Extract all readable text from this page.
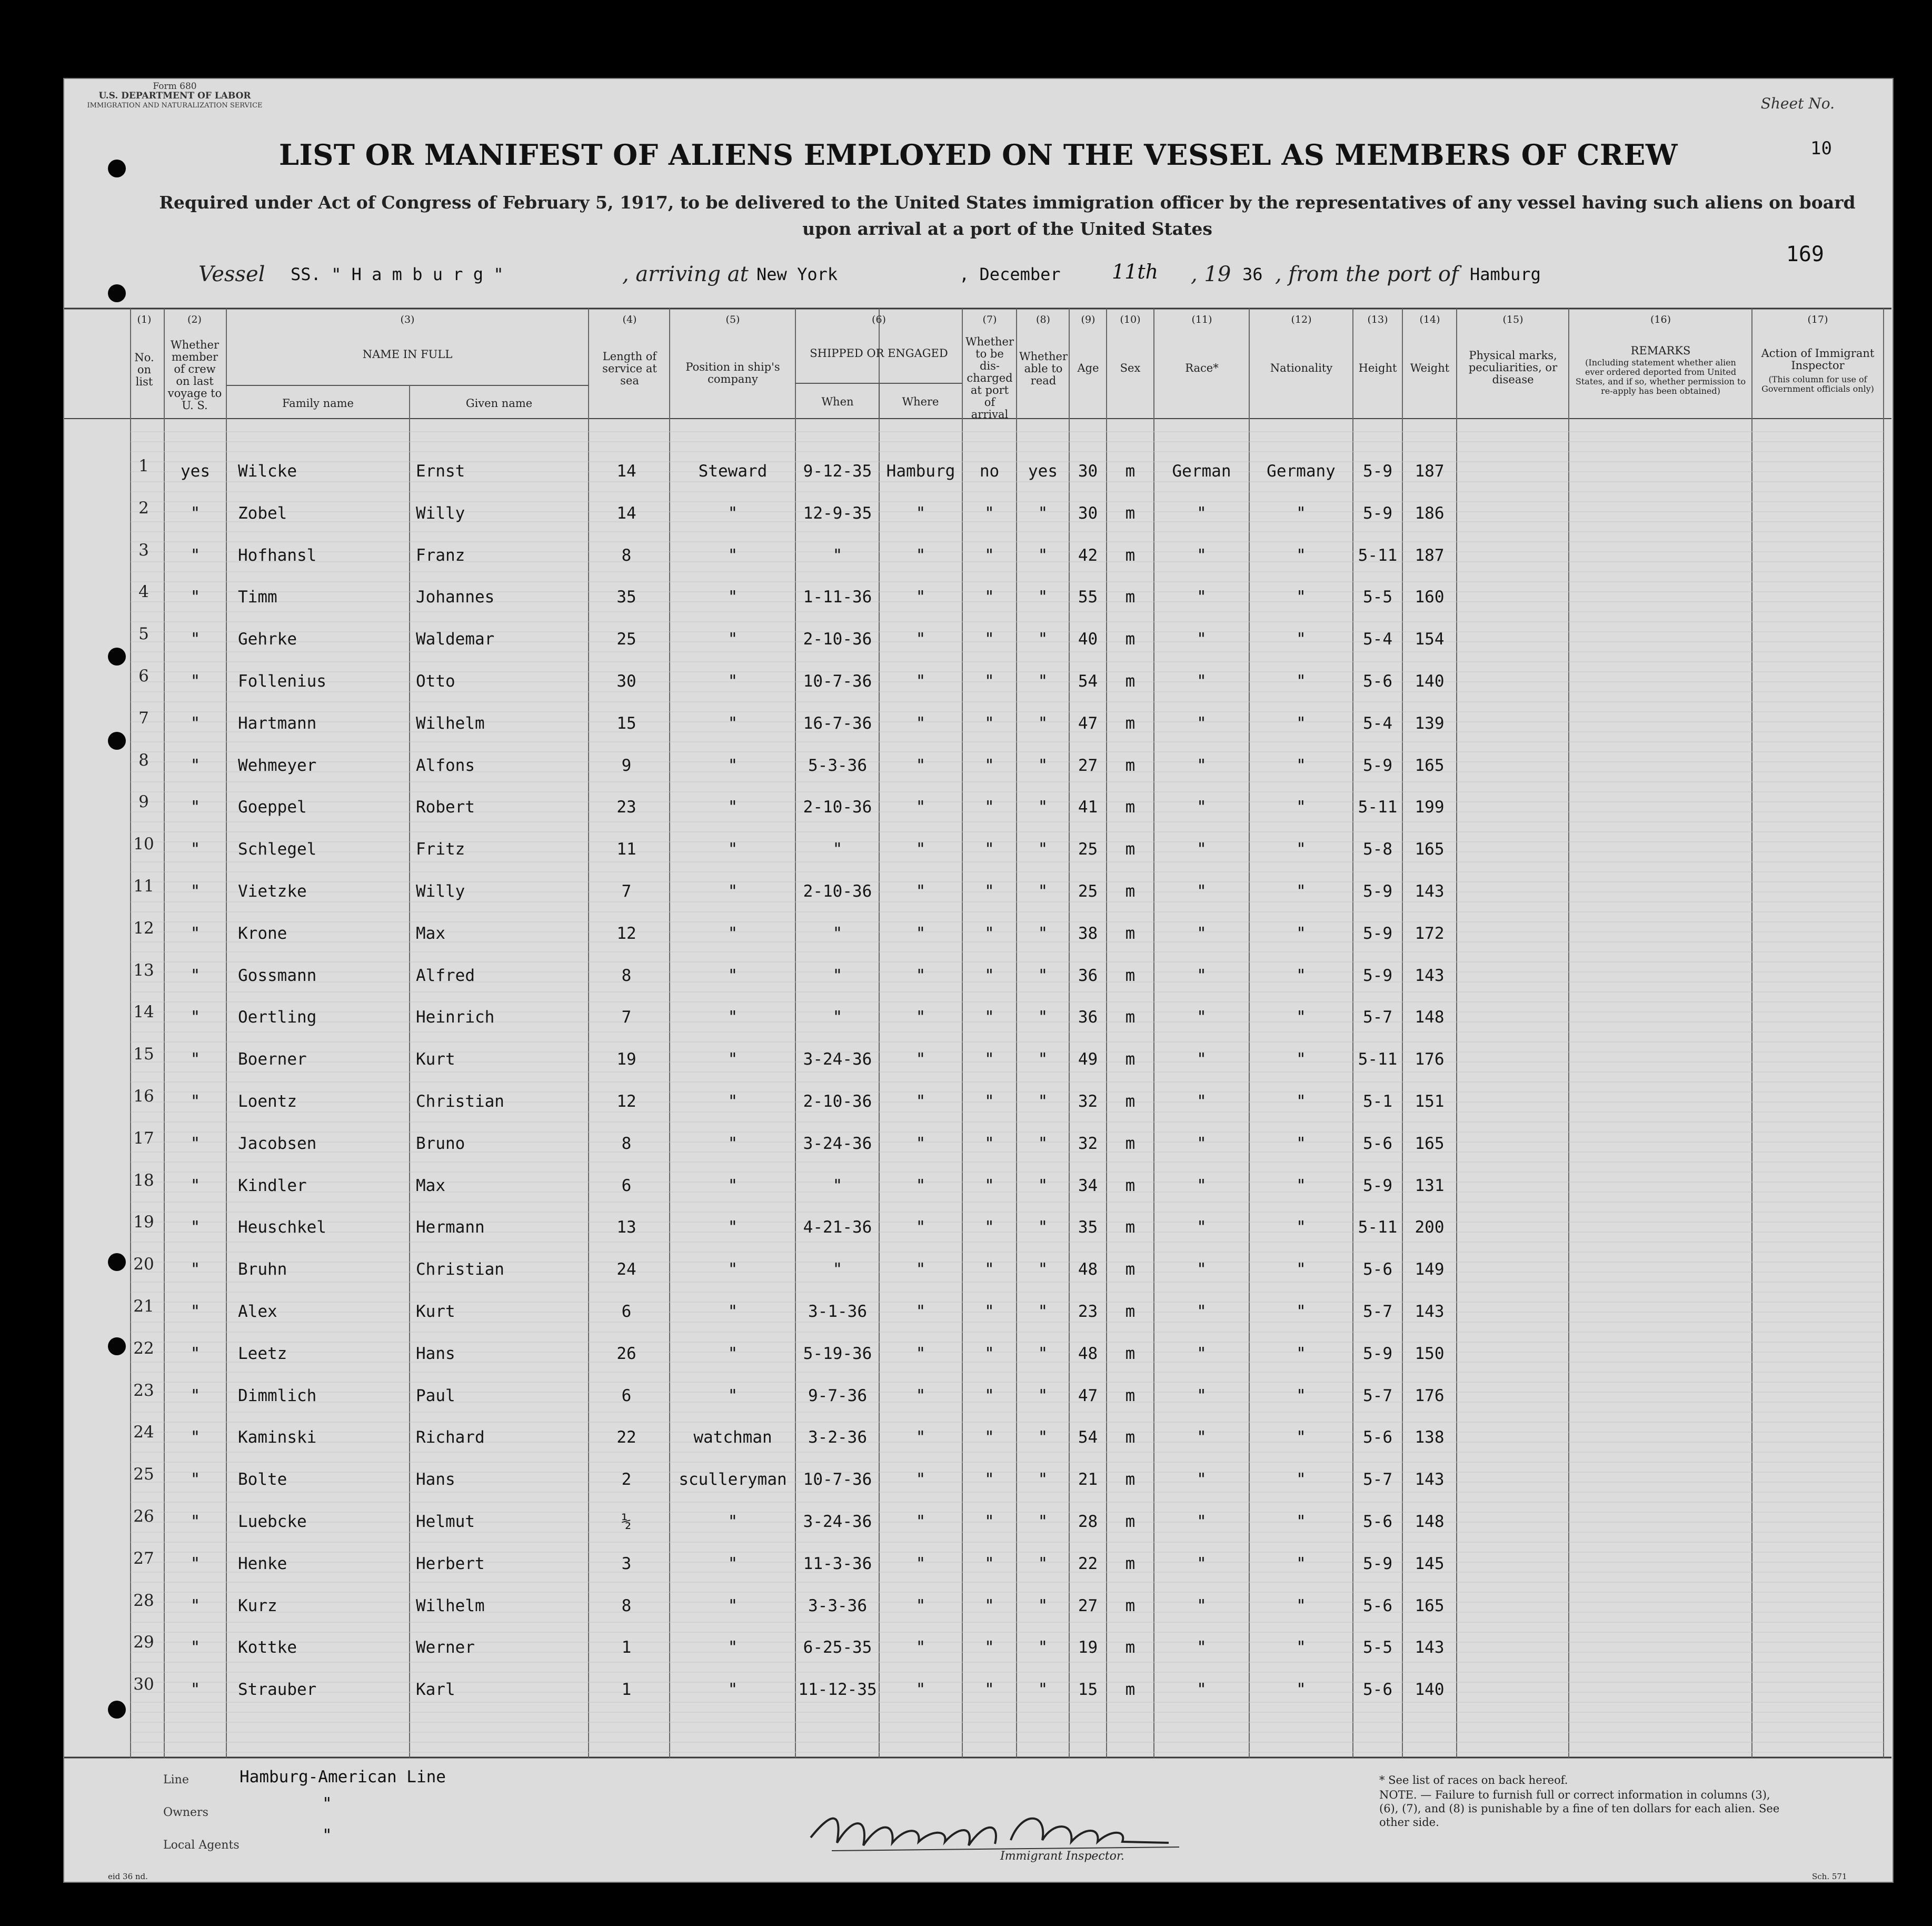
Form 680
U.S. DEPARTMENT OF LABOR
IMMIGRATION AND NATURALIZATION SERVICE	Sheet No.
10
169
LIST OR MANIFEST OF ALIENS EMPLOYED ON THE VESSEL AS MEMBERS OF CREW
Required under Act of Congress of February 5, 1917, to be delivered to the United States immigration officer by the representatives of any vessel having such aliens on board upon arrival at a port of the United States
Vessel SS. " H a m b u r g "	, arriving at New York	, December	11th , 19 36 , from the port of Hamburg
(1)
No. on list
(2)
Whether member of crew on last voyage to U. S.
(3)
NAME IN FULL
Family name	Given name
(4)
Length of service at sea
(5)
Position in ship's company
(6)
SHIPPED OR ENGAGED
When	Where
(7)
Whether to be dis-charged at port of arrival
(8)
Whether able to read
(9)
Age
(10)
Sex
(11)
Race*
(12)
Nationality
(13)
Height
(14)
Weight
(15)
Physical marks, peculiarities, or disease
(16)
REMARKS
(Including statement whether alien ever ordered deported from United States, and if so, whether permission to re-apply has been obtained)
(17)
Action of Immigrant Inspector
(This column for use of Government officials only)
1	yes	Wilcke	Ernst	14	Steward	9-12-35 Hamburg	no	yes	30	m	German	Germany	5-9	187
2	"	Zobel	Willy	14	"	12-9-35	"	"	"	30	m	"	"	5-9	186
3	"	Hofhansl	Franz	8	"	"	"	"	"	42	m	"	"	5-11	187
4	"	Timm	Johannes	35	"	1-11-36	"	"	"	55	m	"	"	5-5	160
5	"	Gehrke	Waldemar	25	"	2-10-36	"	"	"	40	m	"	"	5-4	154
6	"	Follenius	Otto	30	"	10-7-36	"	"	"	54	m	"	"	5-6	140
7	"	Hartmann	Wilhelm	15	"	16-7-36	"	"	"	47	m	"	"	5-4	139
8	"	Wehmeyer	Alfons	9	"	5-3-36	"	"	"	27	m	"	"	5-9	165
9	"	Goeppel	Robert	23	"	2-10-36	"	"	"	41	m	"	"	5-11	199
10	"	Schlegel	Fritz	11	"	"	"	"	"	25	m	"	"	5-8	165
11	"	Vietzke	Willy	7	"	2-10-36	"	"	"	25	m	"	"	5-9	143
12	"	Krone	Max	12	"	"	"	"	"	38	m	"	"	5-9	172
13	"	Gossmann	Alfred	8	"	"	"	"	"	36	m	"	"	5-9	143
14	"	Oertling	Heinrich	7	"	"	"	"	"	36	m	"	"	5-7	148
15	"	Boerner	Kurt	19	"	3-24-36	"	"	"	49	m	"	"	5-11	176
16	"	Loentz	Christian	12	"	2-10-36	"	"	"	32	m	"	"	5-1	151
17	"	Jacobsen	Bruno	8	"	3-24-36	"	"	"	32	m	"	"	5-6	165
18	"	Kindler	Max	6	"	"	"	"	"	34	m	"	"	5-9	131
19	"	Heuschkel	Hermann	13	"	4-21-36	"	"	"	35	m	"	"	5-11	200
20	"	Bruhn	Christian	24	"	"	"	"	"	48	m	"	"	5-6	149
21	"	Alex	Kurt	6	"	3-1-36	"	"	"	23	m	"	"	5-7	143
22	"	Leetz	Hans	26	"	5-19-36	"	"	"	48	m	"	"	5-9	150
23	"	Dimmlich	Paul	6	"	9-7-36	"	"	"	47	m	"	"	5-7	176
24	"	Kaminski	Richard	22	watchman	3-2-36	"	"	"	54	m	"	"	5-6	138
25	"	Bolte	Hans	2	sculleryman	10-7-36	"	"	"	21	m	"	"	5-7	143
26	"	Luebcke	Helmut	½	"	3-24-36	"	"	"	28	m	"	"	5-6	148
27	"	Henke	Herbert	3	"	11-3-36	"	"	"	22	m	"	"	5-9	145
28	"	Kurz	Wilhelm	8	"	3-3-36	"	"	"	27	m	"	"	5-6	165
29	"	Kottke	Werner	1	"	6-25-35	"	"	"	19	m	"	"	5-5	143
30	"	Strauber	Karl	1	"	11-12-35	"	"	"	15	m	"	"	5-6	140
Line	Hamburg-American Line
Owners	"
Local Agents
"
Immigrant Inspector.
* See list of races on back hereof.
NOTE. — Failure to furnish full or correct information in columns (3), (6), (7), and (8) is punishable by a fine of ten dollars for each alien. See other side.
eid 36 nd.	Sch. 571
